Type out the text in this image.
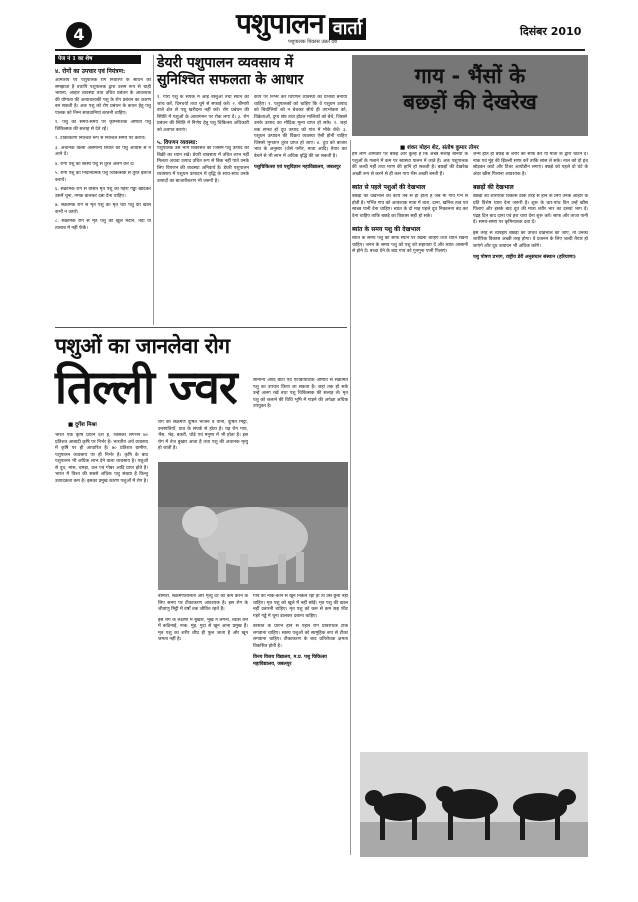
4	पशुपालन वार्ता
पशुपालक विकास उन्नत देश
दिसंबर 2010
पेज नं 1 का शेष
४. रोगों का उपचार एवं नियंत्रण:
आमाशय पर पशुपालक रोग निवारण के साधन को समझाता है तथापि पशुपालक द्वारा उत्तम रूप से चाही भावना, आहार व्यवस्था तथा उचित प्रबंधन के आवश्यक की योग्यता की अत्यावश्यकी पशु के रोग प्रबंधन का कारण बन सकती है। अतः पशु को रोग प्रबंधन के कथन हेतु पशु पालक को निम्न सावधानियां बरतनी चाहिए।
१. पशु को समय-समय पर कृमिनाशक औषधी पशु चिकित्सक की सलाह से देते रहें।
२. टीकाकरण निश्चित रूप से निश्चित समय पर करायें।
३. अचानक किसी असमान्य स्थिति को पशु आवास से न आने दें।
४. रोगी पशु को स्वस्थ पशु से तुरंत अलग कर दें।
५. रोगी पशु का निदानात्मक पशु चिकित्सक से तुरंत इलाज करायें।
६. संक्रामक रोग से ग्रसित मृत पशु को गहरा गड्ढा खोदकर उसमें चूना, नमक डालकर दबा देना चाहिए।
७. संक्रामक रोग से मृत पशु को मृत घेरा पशु की खाल कभी न उतारें।
८. संक्रामक रोग से मृत पशु को खुले मैदान, नदी या तालाब में नहीं फेंकें।
डेयरी पशुपालन व्यवसाय में
सुनिश्चित सफलता के आधार
१. गौरी पशु के संपर्क में आई वस्तुओं तथा स्थान की जांच करें, दिनचर्या तथा चूने से सफाई करें। २. बीमारी वाले क्षेत्र से पशु खरीदना नहीं करें। रोग प्रबंधन की स्थिति में पशुओं के आवागमन पर रोक लगा दें। ३. रोग प्रबंधन की स्थिति में निर्णय हेतु पशु चिकित्सा अधिकारी को अवगत कराएं।
५. विपणन व्यवस्था:
पशुपालक उस भाग विकसित को जिसमें पशु उत्पाद की बिक्री का ध्यान रखें। डेयरी व्यवसाय में उचित लाभ नहीं मिलता अथवा उत्पाद उचित रूप से बिक नहीं पाते उनके लिए विपणन की व्यवस्था अनिवार्य है। डेयरी पशुपालन व्यवसाय में पशुधन उत्पादन में वृद्धि के साथ-साथ उनके उत्पादों का बाजारीकरण भी जरूरी है।
कार्य पर निर्भर कर विपणन व्यवस्था को प्रभावी बनाया चाहिए। १. पशुपालकों को चाहिए कि वे पशुधन उत्पाद को बिचौलियों को न बेचकर सीधे ही उपभोक्ता को, विक्रेताओं, दुग्ध संघ तथा होटल मालिकों को बेचें, जिससे उनके उत्पाद का मौद्रिक मूल्य प्राप्त हो सके। २. जहां तक संभव हो दूध उत्पाद को गांव में मौके बेचें। ३. पशुधन उत्पादन की विक्रय व्यवस्था ऐसी होनी चाहिए जिससे भुगतान तुरंत प्राप्त हो जाए। ४. दुध को बाजार भाव के अनुसार (जैसे पनीर, मावा आदि) तैयार कर बेचने से भी लाभ में अधिक वृद्धि की जा सकती है।
पशुचिकित्सा एवं पशुविज्ञान महाविद्यालय, जबलपुर
गाय - भैंसों के
बछड़ों की देखरेख
■ शंकर मोहन शेट, संतोष कुमार तोमर
हम लोग आमतौर पर बछड़े और कुल्हे हैं कि अच्छे सलाह बनियों के पशुओं के गलाने में कम पर स्वास्थ्य पालन में जाते हैं। अतः पशुपालक की जल्दी नहीं तथा मरण की हानि हो सकती है। बछड़ों की देखरेख अच्छी रूप से करने से ही कल गाय भैंस अच्छी बनती हैं।
ब्यांत से पहले पशुओं की देखभाल
बछड़ों की देखभाल का कार्य तब से ही होता है जब मां गाय गर्भ से होती है। गर्भित गाय को आवश्यक मात्रा में चारा, दाना, खनिज तत्व एवं स्वच्छ पानी देना चाहिए। ब्यांत के दो माह पहले दूध निकालना बंद कर देना चाहिए ताकि बछड़े का विकास सही हो सके।
ब्यांत के समय पशु की देखभाल
ब्यांत के समय पशु को साफ स्थान पर रखना चाहिए तथा ध्यान रखना चाहिए। जनन के समय पशु को पशु को सहायता दें और ब्यांत आसानी से होने दें। बच्चा देने के बाद गाय को गुनगुना पानी पिलाएं।
जन्म होते ही बछड़े के शरीर को साफ करें या माता के द्वारा चाटने दें। नाक एवं मुंह की झिल्ली साफ करें ताकि सांस ले सके। नाल को दो इंच छोड़कर काटें और टिंचर आयोडीन लगाएं। बछड़े को पहले दो घंटे के अंदर खीस पिलाना आवश्यक है।
बछड़ों की देखभाल
बछड़ों का शारीरिक विकास ठीक तरह से होने के लिए उनके आहार के प्रति विशेष ध्यान देना जरूरी है। शुरू के चार-पांच दिन उन्हें खीस पिलाएं और इसके बाद दूध की मात्रा शरीर भार का दसवां भाग दें। पंद्रह दिन बाद दाना एवं हरा चारा देना शुरू करें। साफ और ताजा पानी दें। समय-समय पर कृमिनाशक दवा दें।
इस तरह से व्यवहार बछड़ों की उचित देखभाल की जाए, तो उनका शारीरिक विकास अच्छी तरह होगा। वे प्रजनन के लिए जल्दी तैयार हो जाएंगे और दूध उत्पादन भी अधिक करेंगे।
पशु पोषण प्रभाग, राष्ट्रीय डेरी अनुसंधान संस्थान (हरियाणा)
पशुओं का जानलेवा रोग
तिल्ली ज्वर
■ दुर्गेश मिश्रा
भारत एक कृषि प्रधान देश है, जिसकी लगभग ७० प्रतिशत आबादी कृषि पर निर्भर है। भारतीय अर्थ व्यवस्था में कृषि पर ही आधारित है। ७० प्रतिशत ग्रामीण, पशुपालन व्यवसाय पर ही निर्भर है। कृषि के बाद पशुपालन भी अधिक लाभ देने वाला व्यवसाय है। पशुओं से दूध, मांस, चमड़ा, ऊन एवं गोबर आदि प्राप्त होते हैं। भारत में विश्व की सबसे अधिक पशु संख्या है किन्तु उत्पादकता कम है। इसका प्रमुख कारण पशुओं में रोग है।
रोग का संक्रमण दूषित भोजन व पानी, दूषित मिट्टी, वनस्पतियों, घाव के संपर्क से होता है। यह रोग गाय, भैंस, भेड़, बकरी, घोड़े एवं मनुष्य में भी होता है। इस रोग में तेज बुखार आता है तथा पशु की अचानक मृत्यु हो जाती है।
सामान्य आदि बीटा एवं एंटीबायोटिक औषधि से संक्रमित पशु का उपचार किया जा सकता है। जहां तक हो सके उन्हें अलग रखें तथा पशु चिकित्सक की सलाह लें। मृत पशु को जलाने की विधि भूमि में गाड़ने की अपेक्षा अधिक उपयुक्त है।
बीमारी, संक्रमणशीलता और मृत्यु दर को कम करने के लिए समय पर टीकाकरण आवश्यक है। इस रोग के जीवाणु मिट्टी में वर्षों तक जीवित रहते हैं।
इस रोग के लक्षणों में बुखार, भूख न लगना, श्वास लेने में कठिनाई, नाक, मुंह, गुदा से खून आना प्रमुख हैं। मृत पशु का शरीर शीघ्र ही फूल जाता है और खून जमता नहीं है।
गाय की नाक-कान से खून निकल रहा हो तो उसे छूना नहीं चाहिए। मृत पशु को खुले में नहीं छोड़ें। मृत पशु की खाल नहीं उतारनी चाहिए। मृत पशु को कम से कम छह फीट गहरे गड्ढे में चूना डालकर दबाना चाहिए।
बरसात के प्रारंभ होने से पहले रोग प्रतिरोधक टीके लगवाना चाहिए। स्वस्थ पशुओं को सामूहिक रूप से टीका लगवाना चाहिए। टीकाकरण के बाद प्रतिरोधक क्षमता विकसित होती है।
विनय विजय विद्यालय, म.प्र. पशु चिकित्सा महाविद्यालय, जबलपुर
